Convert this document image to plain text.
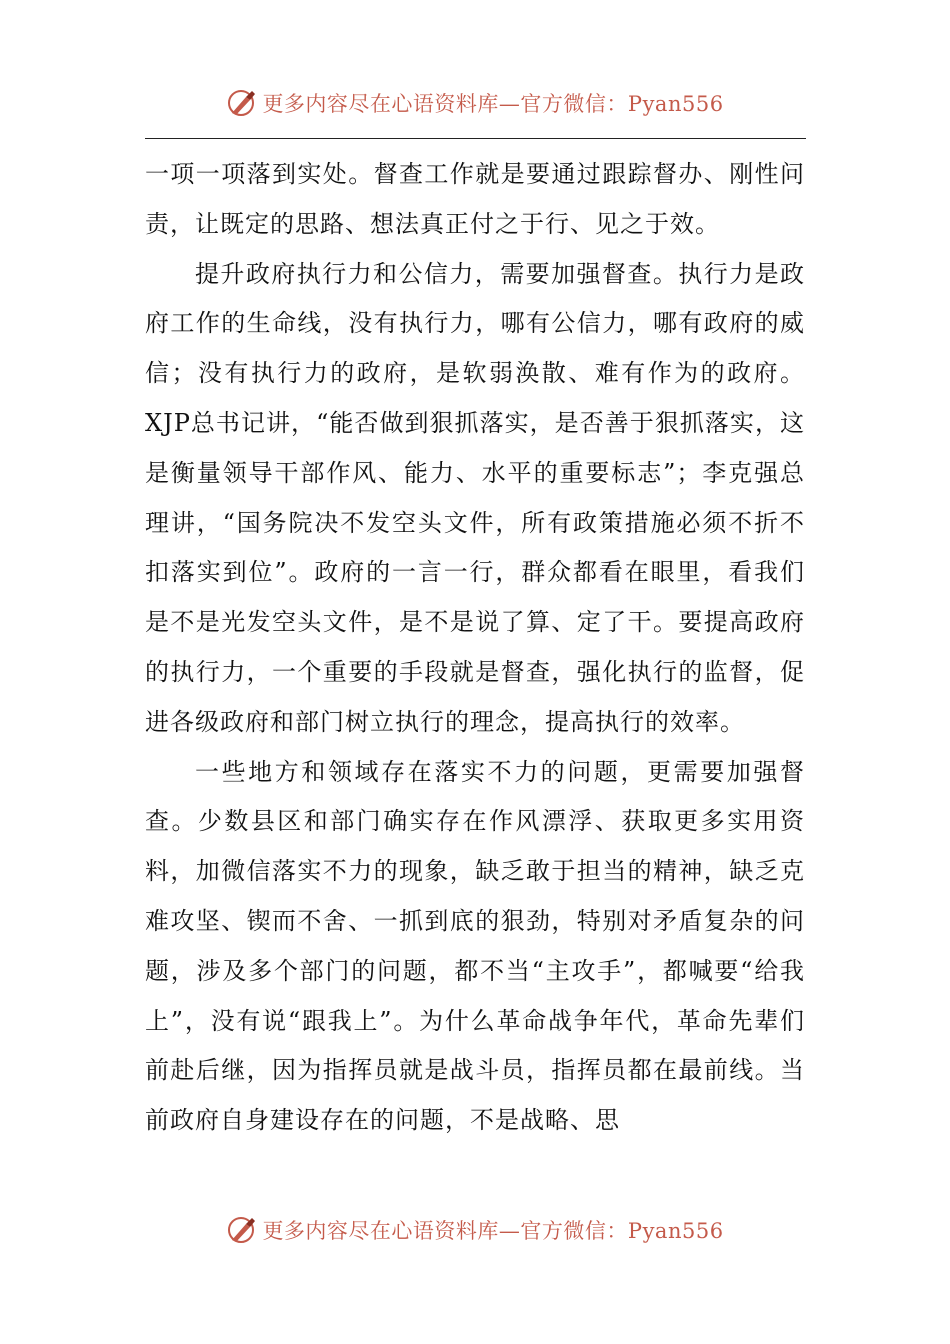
更多内容尽在心语资料库—官方微信：Pyan556

一项一项落到实处。督查工作就是要通过跟踪督办、刚性问责，让既定的思路、想法真正付之于行、见之于效。

提升政府执行力和公信力，需要加强督查。执行力是政府工作的生命线，没有执行力，哪有公信力，哪有政府的威信；没有执行力的政府，是软弱涣散、难有作为的政府。XJP总书记讲，“能否做到狠抓落实，是否善于狠抓落实，这是衡量领导干部作风、能力、水平的重要标志”；李克强总理讲，“国务院决不发空头文件，所有政策措施必须不折不扣落实到位”。政府的一言一行，群众都看在眼里，看我们是不是光发空头文件，是不是说了算、定了干。要提高政府的执行力，一个重要的手段就是督查，强化执行的监督，促进各级政府和部门树立执行的理念，提高执行的效率。

一些地方和领域存在落实不力的问题，更需要加强督查。少数县区和部门确实存在作风漂浮、获取更多实用资料，加微信落实不力的现象，缺乏敢于担当的精神，缺乏克难攻坚、锲而不舍、一抓到底的狠劲，特别对矛盾复杂的问题，涉及多个部门的问题，都不当“主攻手”，都喊要“给我上”，没有说“跟我上”。为什么革命战争年代，革命先辈们前赴后继，因为指挥员就是战斗员，指挥员都在最前线。当前政府自身建设存在的问题，不是战略、思

更多内容尽在心语资料库—官方微信：Pyan556
